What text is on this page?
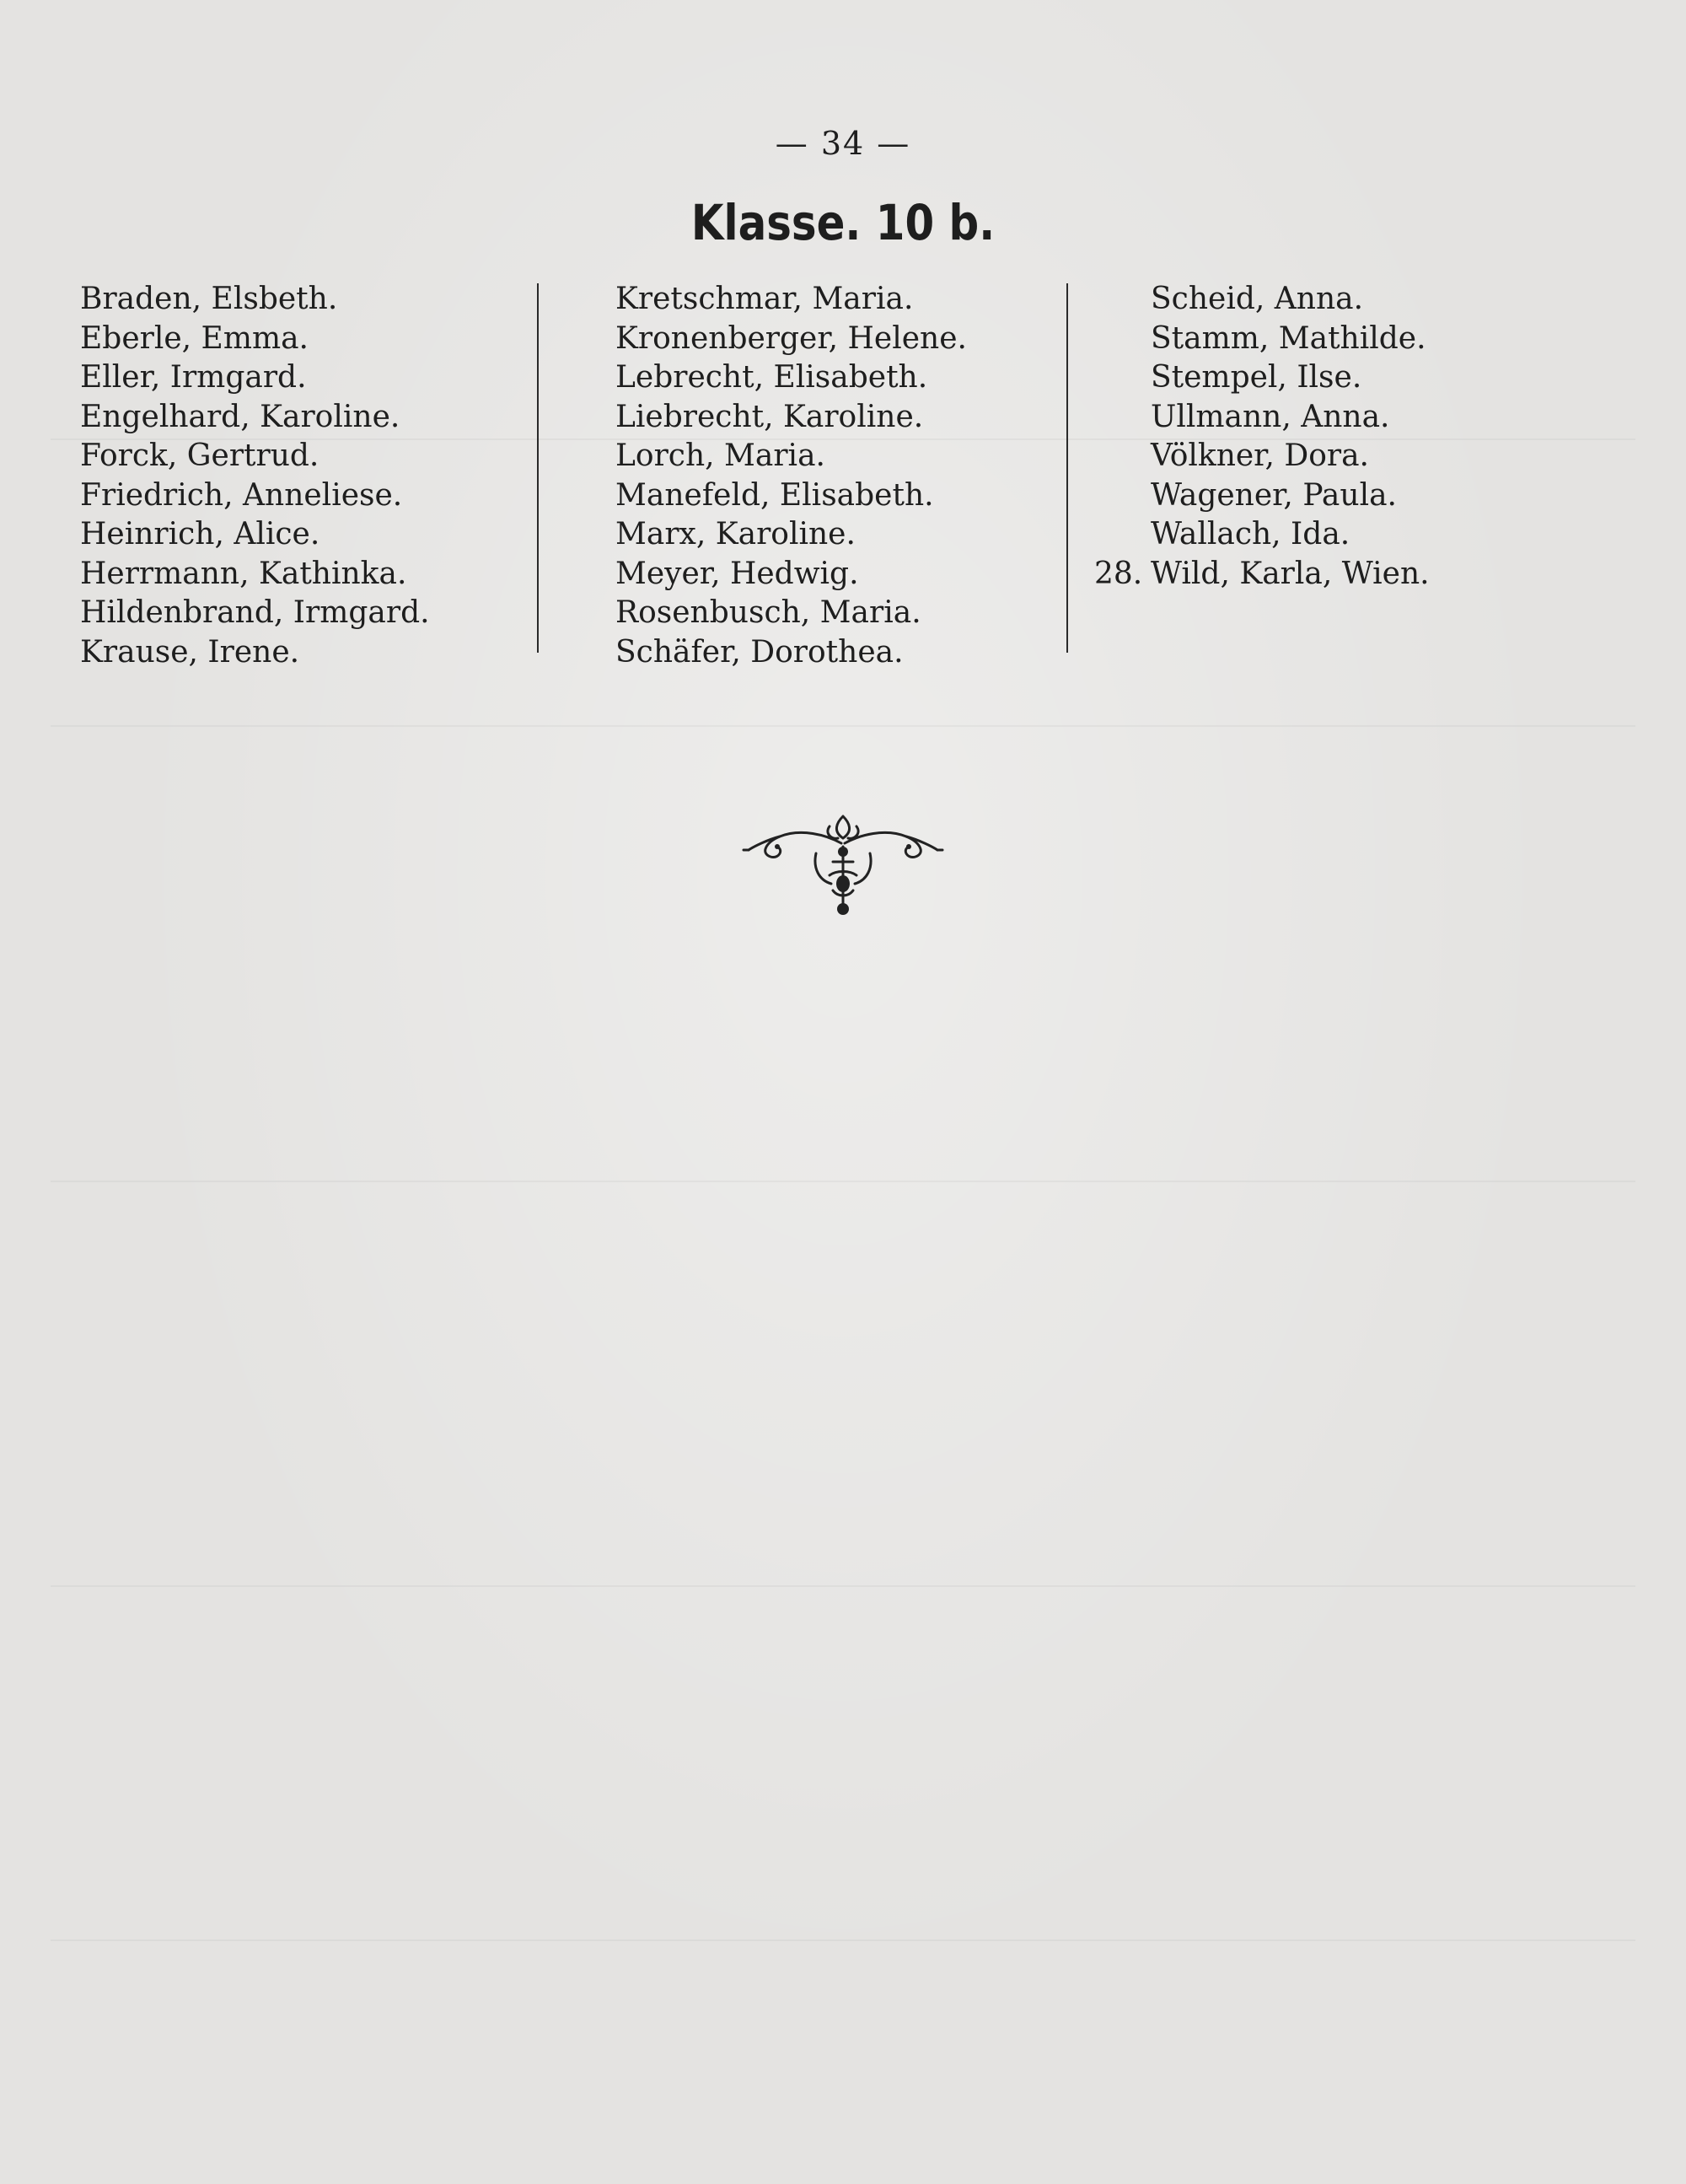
— 34 —
Klasse. 10 b.
Braden, Elsbeth.
Eberle, Emma.
Eller, Irmgard.
Engelhard, Karoline.
Forck, Gertrud.
Friedrich, Anneliese.
Heinrich, Alice.
Herrmann, Kathinka.
Hildenbrand, Irmgard.
Krause, Irene.
Kretschmar, Maria.
Kronenberger, Helene.
Lebrecht, Elisabeth.
Liebrecht, Karoline.
Lorch, Maria.
Manefeld, Elisabeth.
Marx, Karoline.
Meyer, Hedwig.
Rosenbusch, Maria.
Schäfer, Dorothea.
Scheid, Anna.
Stamm, Mathilde.
Stempel, Ilse.
Ullmann, Anna.
Völkner, Dora.
Wagener, Paula.
Wallach, Ida.
28. Wild, Karla, Wien.
